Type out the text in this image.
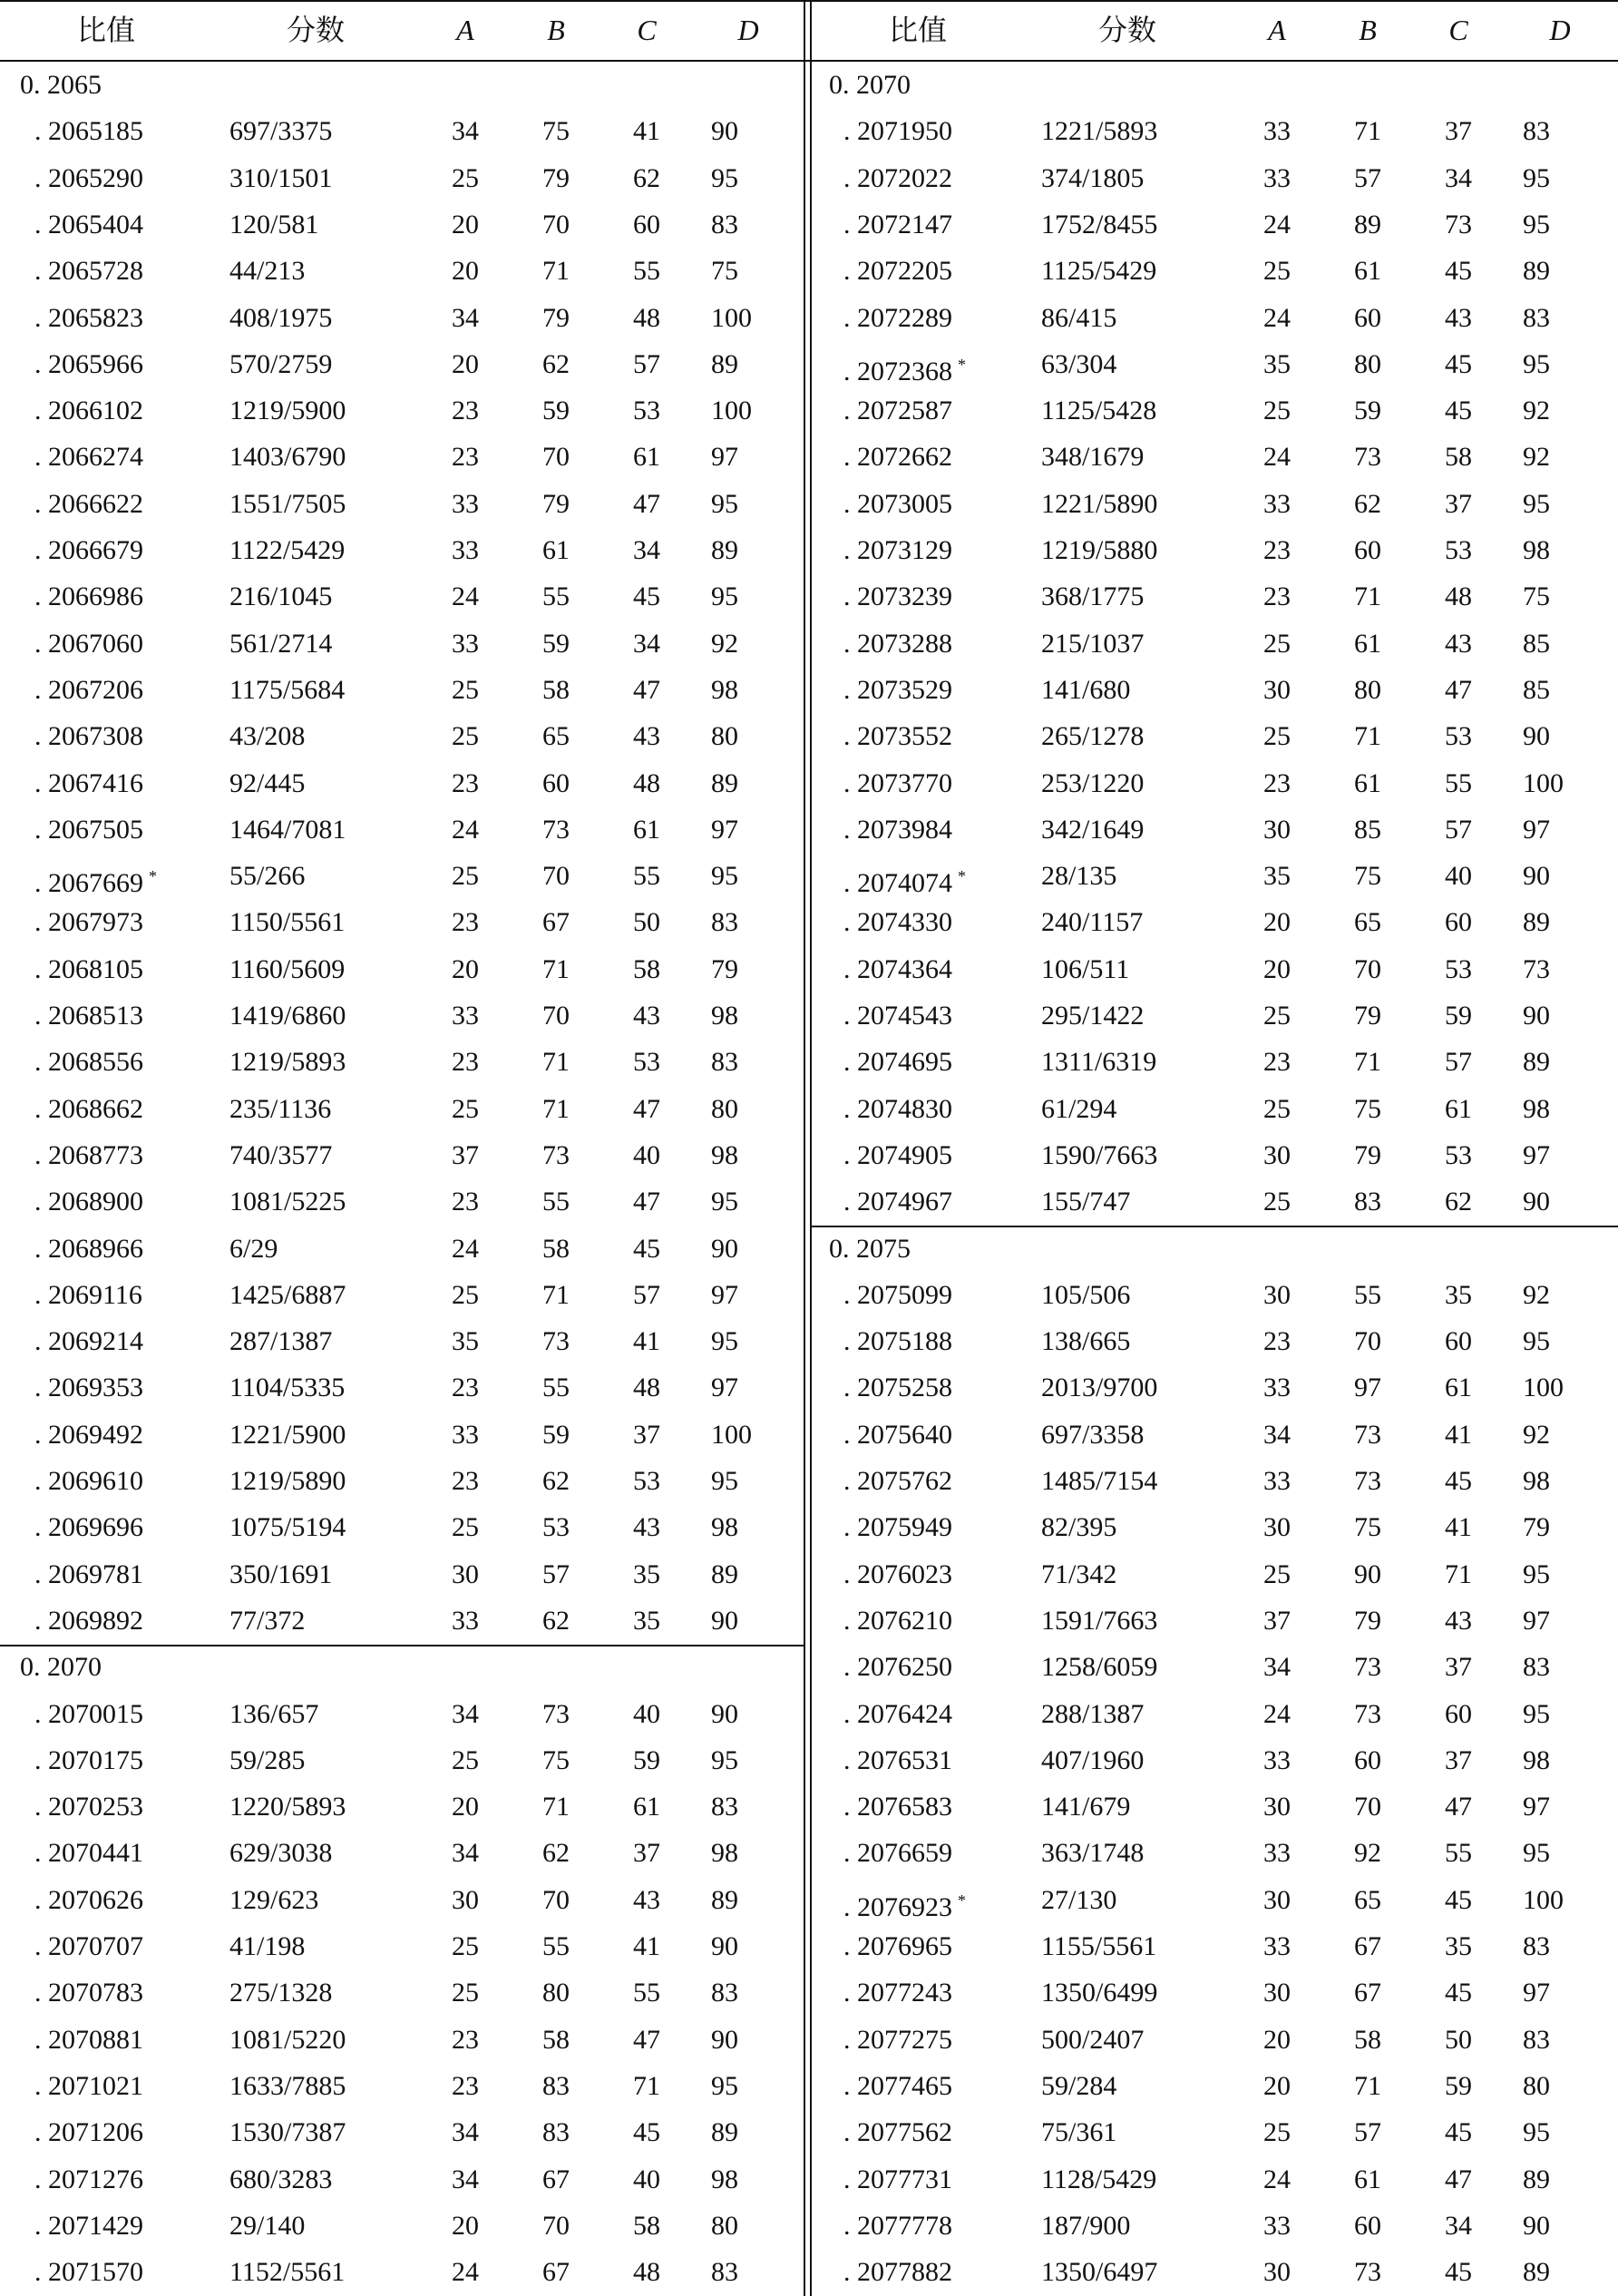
比值	分数	A	B C	D	比值	分数	A	B C	D
0. 2065
. 2065185	697/3375	34 75 41 90
. 2065290	310/1501	25 79 62 95
. 2065404	120/581	20 70 60 83
. 2065728	44/213	20 71 55 75
. 2065823	408/1975	34 79 48 100
. 2065966	570/2759	20 62 57 89
. 2066102	1219/5900	23 59 53 100
. 2066274	1403/6790	23 70 61 97
. 2066622	1551/7505	33 79 47 95
. 2066679	1122/5429	33 61 34 89
. 2066986	216/1045	24 55 45 95
. 2067060	561/2714	33 59 34 92
. 2067206	1175/5684	25 58 47 98
. 2067308	43/208	25 65 43 80
. 2067416	92/445	23 60 48 89
. 2067505	1464/7081	24 73 61 97
. 2067669 *	55/266	25 70 55 95
. 2067973	1150/5561	23 67 50 83
. 2068105	1160/5609	20 71 58 79
. 2068513	1419/6860	33 70 43 98
. 2068556	1219/5893	23 71 53 83
. 2068662	235/1136	25 71 47 80
. 2068773	740/3577	37 73 40 98
. 2068900	1081/5225	23 55 47 95
. 2068966	6/29	24 58 45 90
. 2069116	1425/6887	25 71 57 97
. 2069214	287/1387	35 73 41 95
. 2069353	1104/5335	23 55 48 97
. 2069492	1221/5900	33 59 37 100
. 2069610	1219/5890	23 62 53 95
. 2069696	1075/5194	25 53 43 98
. 2069781	350/1691	30 57 35 89
. 2069892	77/372	33 62 35 90
0. 2070
. 2070015	136/657	34 73 40 90
. 2070175	59/285	25 75 59 95
. 2070253	1220/5893	20 71 61 83
. 2070441	629/3038	34 62 37 98
. 2070626	129/623	30 70 43 89
. 2070707	41/198	25 55 41 90
. 2070783	275/1328	25 80 55 83
. 2070881	1081/5220	23 58 47 90
. 2071021	1633/7885	23 83 71 95
. 2071206	1530/7387	34 83 45 89
. 2071276	680/3283	34 67 40 98
. 2071429	29/140	20 70 58 80
. 2071570	1152/5561	24 67 48 83
0. 2070
. 2071950	1221/5893	33 71 37 83
. 2072022	374/1805	33 57 34 95
. 2072147	1752/8455	24 89 73 95
. 2072205	1125/5429	25 61 45 89
. 2072289	86/415	24 60 43 83
. 2072368 *	63/304	35 80 45 95
. 2072587	1125/5428	25 59 45 92
. 2072662	348/1679	24 73 58 92
. 2073005	1221/5890	33 62 37 95
. 2073129	1219/5880	23 60 53 98
. 2073239	368/1775	23 71 48 75
. 2073288	215/1037	25 61 43 85
. 2073529	141/680	30 80 47 85
. 2073552	265/1278	25 71 53 90
. 2073770	253/1220	23 61 55 100
. 2073984	342/1649	30 85 57 97
. 2074074 *	28/135	35 75 40 90
. 2074330	240/1157	20 65 60 89
. 2074364	106/511	20 70 53 73
. 2074543	295/1422	25 79 59 90
. 2074695	1311/6319	23 71 57 89
. 2074830	61/294	25 75 61 98
. 2074905	1590/7663	30 79 53 97
. 2074967	155/747	25 83 62 90
0. 2075
. 2075099	105/506	30 55 35 92
. 2075188	138/665	23 70 60 95
. 2075258	2013/9700	33 97 61 100
. 2075640	697/3358	34 73 41 92
. 2075762	1485/7154	33 73 45 98
. 2075949	82/395	30 75 41 79
. 2076023	71/342	25 90 71 95
. 2076210	1591/7663	37 79 43 97
. 2076250	1258/6059	34 73 37 83
. 2076424	288/1387	24 73 60 95
. 2076531	407/1960	33 60 37 98
. 2076583	141/679	30 70 47 97
. 2076659	363/1748	33 92 55 95
. 2076923 *	27/130	30 65 45 100
. 2076965	1155/5561	33 67 35 83
. 2077243	1350/6499	30 67 45 97
. 2077275	500/2407	20 58 50 83
. 2077465	59/284	20 71 59 80
. 2077562	75/361	25 57 45 95
. 2077731	1128/5429	24 61 47 89
. 2077778	187/900	33 60 34 90
. 2077882	1350/6497	30 73 45 89
